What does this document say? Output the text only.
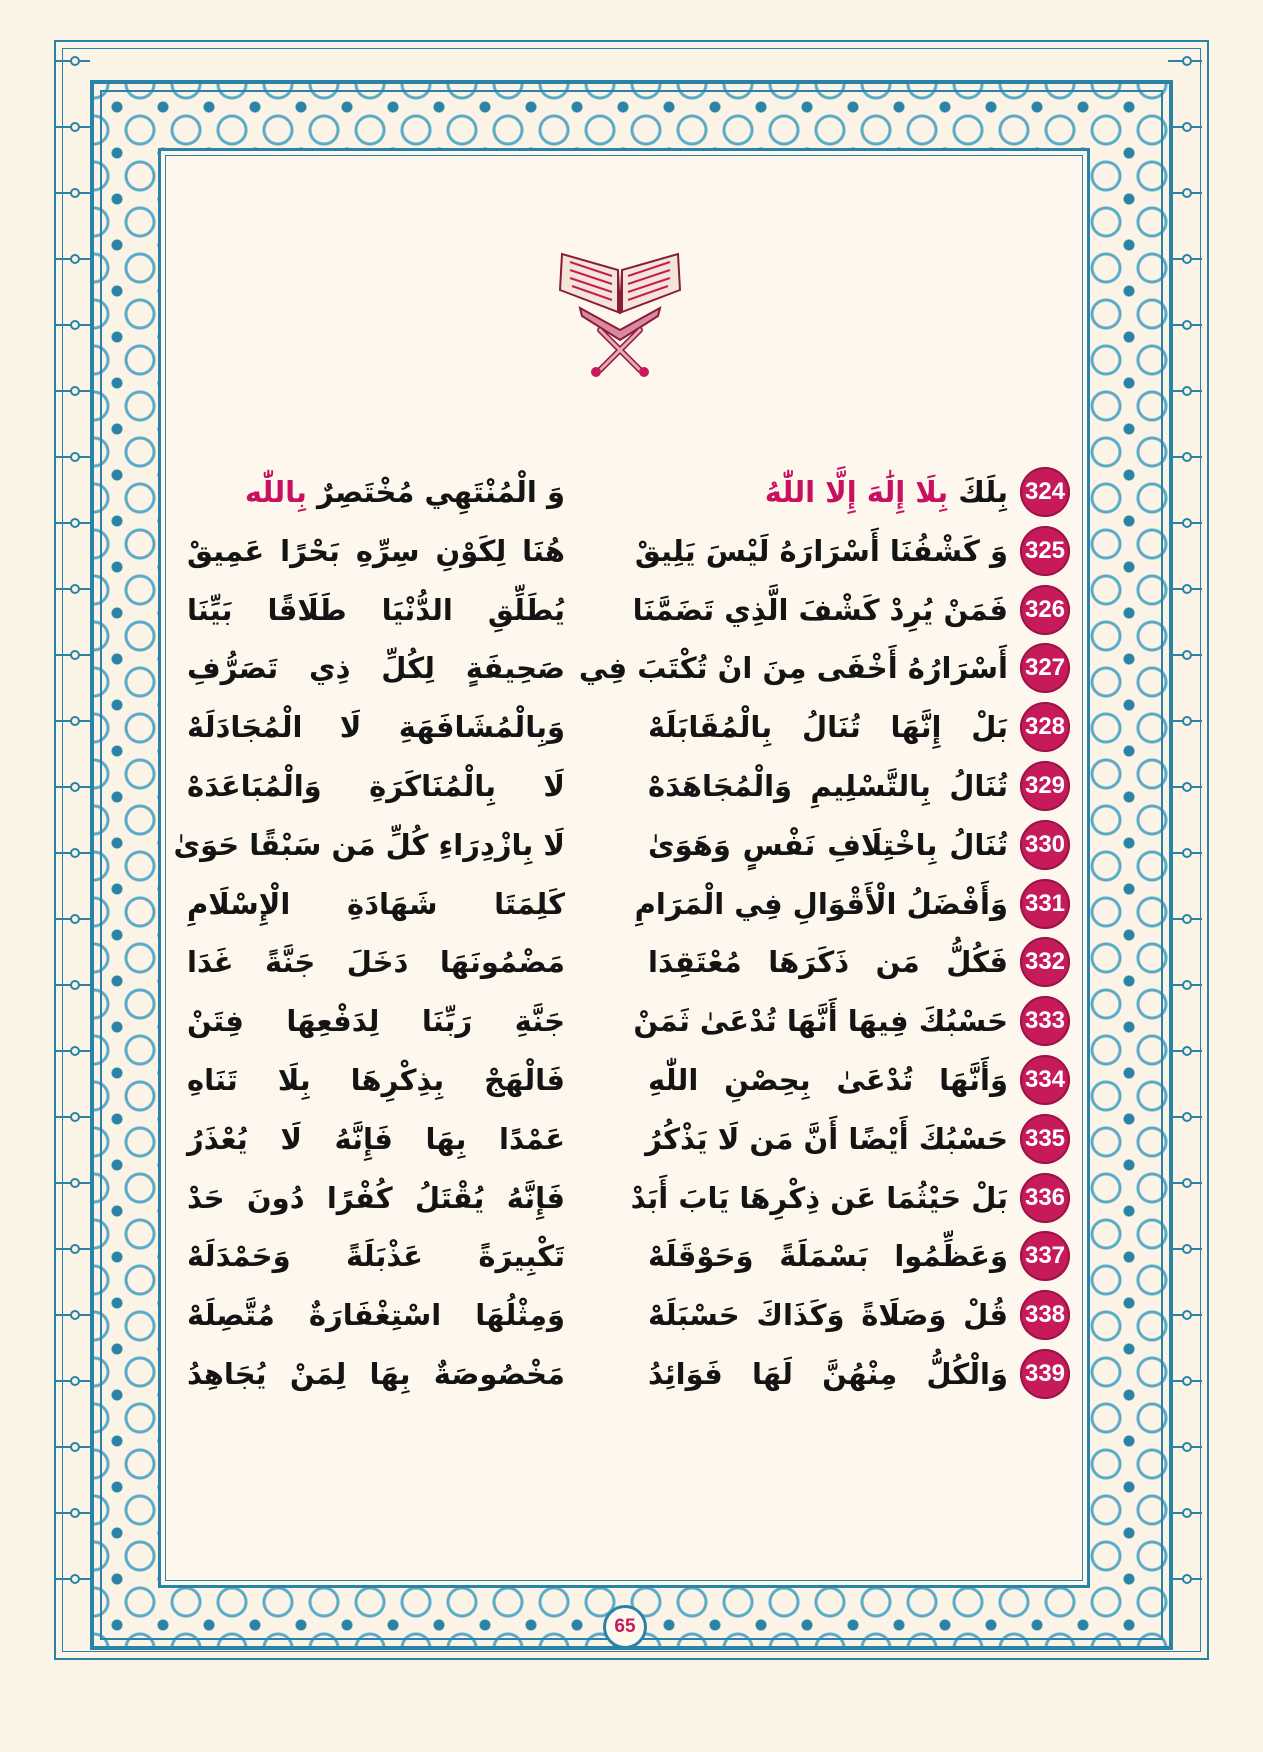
324
بِلَكَ بِلَا إِلَٰهَ إِلَّا اللّٰهُ
وَ الْمُنْتَهِي مُخْتَصِرٌ بِاللّٰه
325
وَ كَشْفُنَا أَسْرَارَهُ لَيْسَ يَلِيقْ
هُنَا لِكَوْنِ سِرِّهِ بَحْرًا عَمِيقْ
326
فَمَنْ يُرِدْ كَشْفَ الَّذِي تَضَمَّنَا
يُطَلِّقِ الدُّنْيَا طَلَاقًا بَيِّنَا
327
أَسْرَارُهُ أَخْفَى مِنَ انْ تُكْتَبَ فِي
صَحِيفَةٍ لِكُلِّ ذِي تَصَرُّفِ
328
بَلْ إِنَّهَا تُنَالُ بِالْمُقَابَلَهْ
وَبِالْمُشَافَهَةِ لَا الْمُجَادَلَهْ
329
تُنَالُ بِالتَّسْلِيمِ وَالْمُجَاهَدَهْ
لَا بِالْمُنَاكَرَةِ وَالْمُبَاعَدَهْ
330
تُنَالُ بِاخْتِلَافِ نَفْسٍ وَهَوَىٰ
لَا بِازْدِرَاءِ كُلِّ مَن سَبْقًا حَوَىٰ
331
وَأَفْضَلُ الْأَقْوَالِ فِي الْمَرَامِ
كَلِمَتَا شَهَادَةِ الْإِسْلَامِ
332
فَكُلُّ مَن ذَكَرَهَا مُعْتَقِدَا
مَضْمُونَهَا دَخَلَ جَنَّةً غَدَا
333
حَسْبُكَ فِيهَا أَنَّهَا تُدْعَىٰ ثَمَنْ
جَنَّةِ رَبِّنَا لِدَفْعِهَا فِتَنْ
334
وَأَنَّهَا تُدْعَىٰ بِحِصْنِ اللّٰهِ
فَالْهَجْ بِذِكْرِهَا بِلَا تَنَاهِ
335
حَسْبُكَ أَيْضًا أَنَّ مَن لَا يَذْكُرُ
عَمْدًا بِهَا فَإِنَّهُ لَا يُعْذَرُ
336
بَلْ حَيْثُمَا عَن ذِكْرِهَا يَابَ أَبَدْ
فَإِنَّهُ يُقْتَلُ كُفْرًا دُونَ حَدْ
337
وَعَظِّمُوا بَسْمَلَةً وَحَوْقَلَهْ
تَكْبِيرَةً عَذْبَلَةً وَحَمْدَلَهْ
338
قُلْ وَصَلَاةً وَكَذَاكَ حَسْبَلَهْ
وَمِثْلُهَا اسْتِغْفَارَةٌ مُتَّصِلَهْ
339
وَالْكُلُّ مِنْهُنَّ لَهَا فَوَائِدُ
مَخْصُوصَةٌ بِهَا لِمَنْ يُجَاهِدُ
65
